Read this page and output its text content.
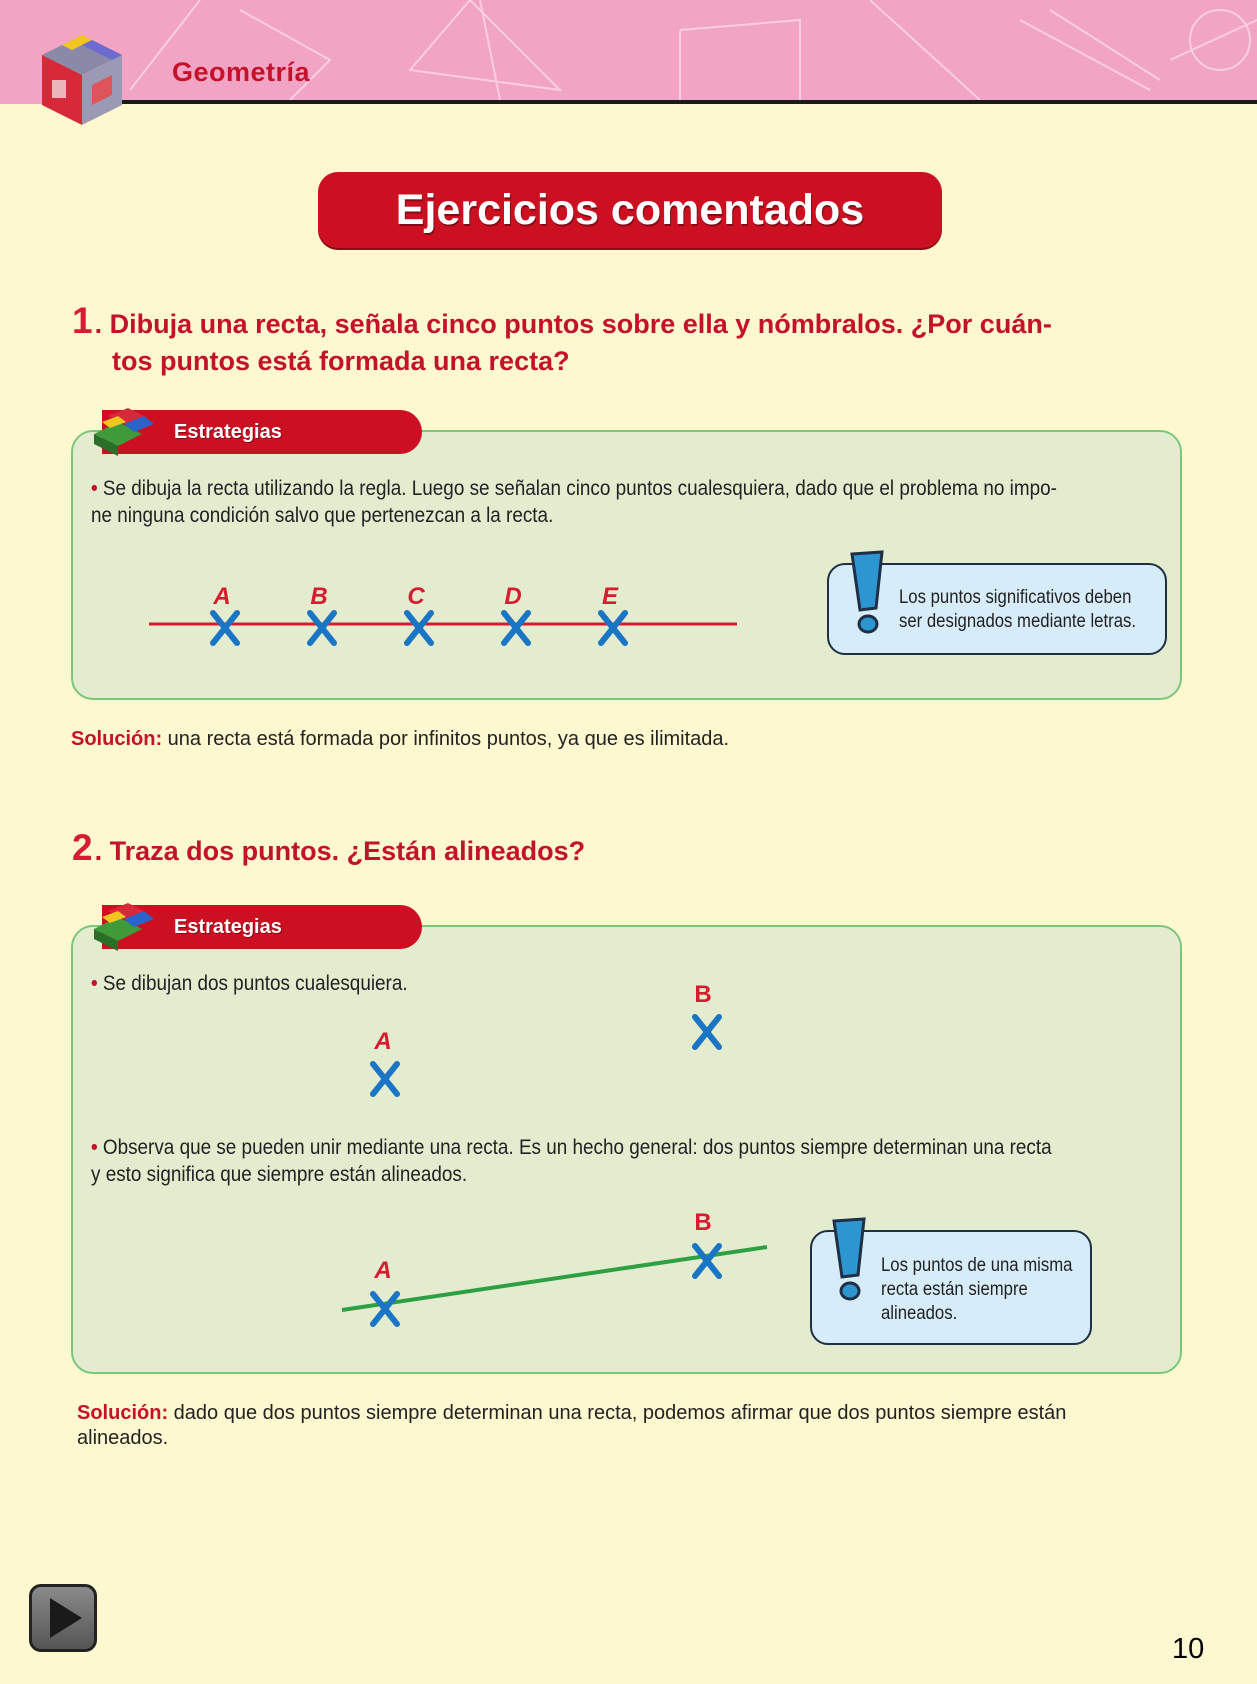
Geometría
Ejercicios comentados
1. Dibuja una recta, señala cinco puntos sobre ella y nómbralos. ¿Por cuán-
tos puntos está formada una recta?
Estrategias
• Se dibuja la recta utilizando la regla. Luego se señalan cinco puntos cualesquiera, dado que el problema no impo-
ne ninguna condición salvo que pertenezcan a la recta.
A	B	C	D	E	Los puntos significativos deben
ser designados mediante letras.
Solución: una recta está formada por infinitos puntos, ya que es ilimitada.
2. Traza dos puntos. ¿Están alineados?
Estrategias
• Se dibujan dos puntos cualesquiera.
A
B
• Observa que se pueden unir mediante una recta. Es un hecho general: dos puntos siempre determinan una recta
y esto significa que siempre están alineados.
A
B
Los puntos de una misma
recta están siempre
alineados.
Solución: dado que dos puntos siempre determinan una recta, podemos afirmar que dos puntos siempre están
alineados.
10
